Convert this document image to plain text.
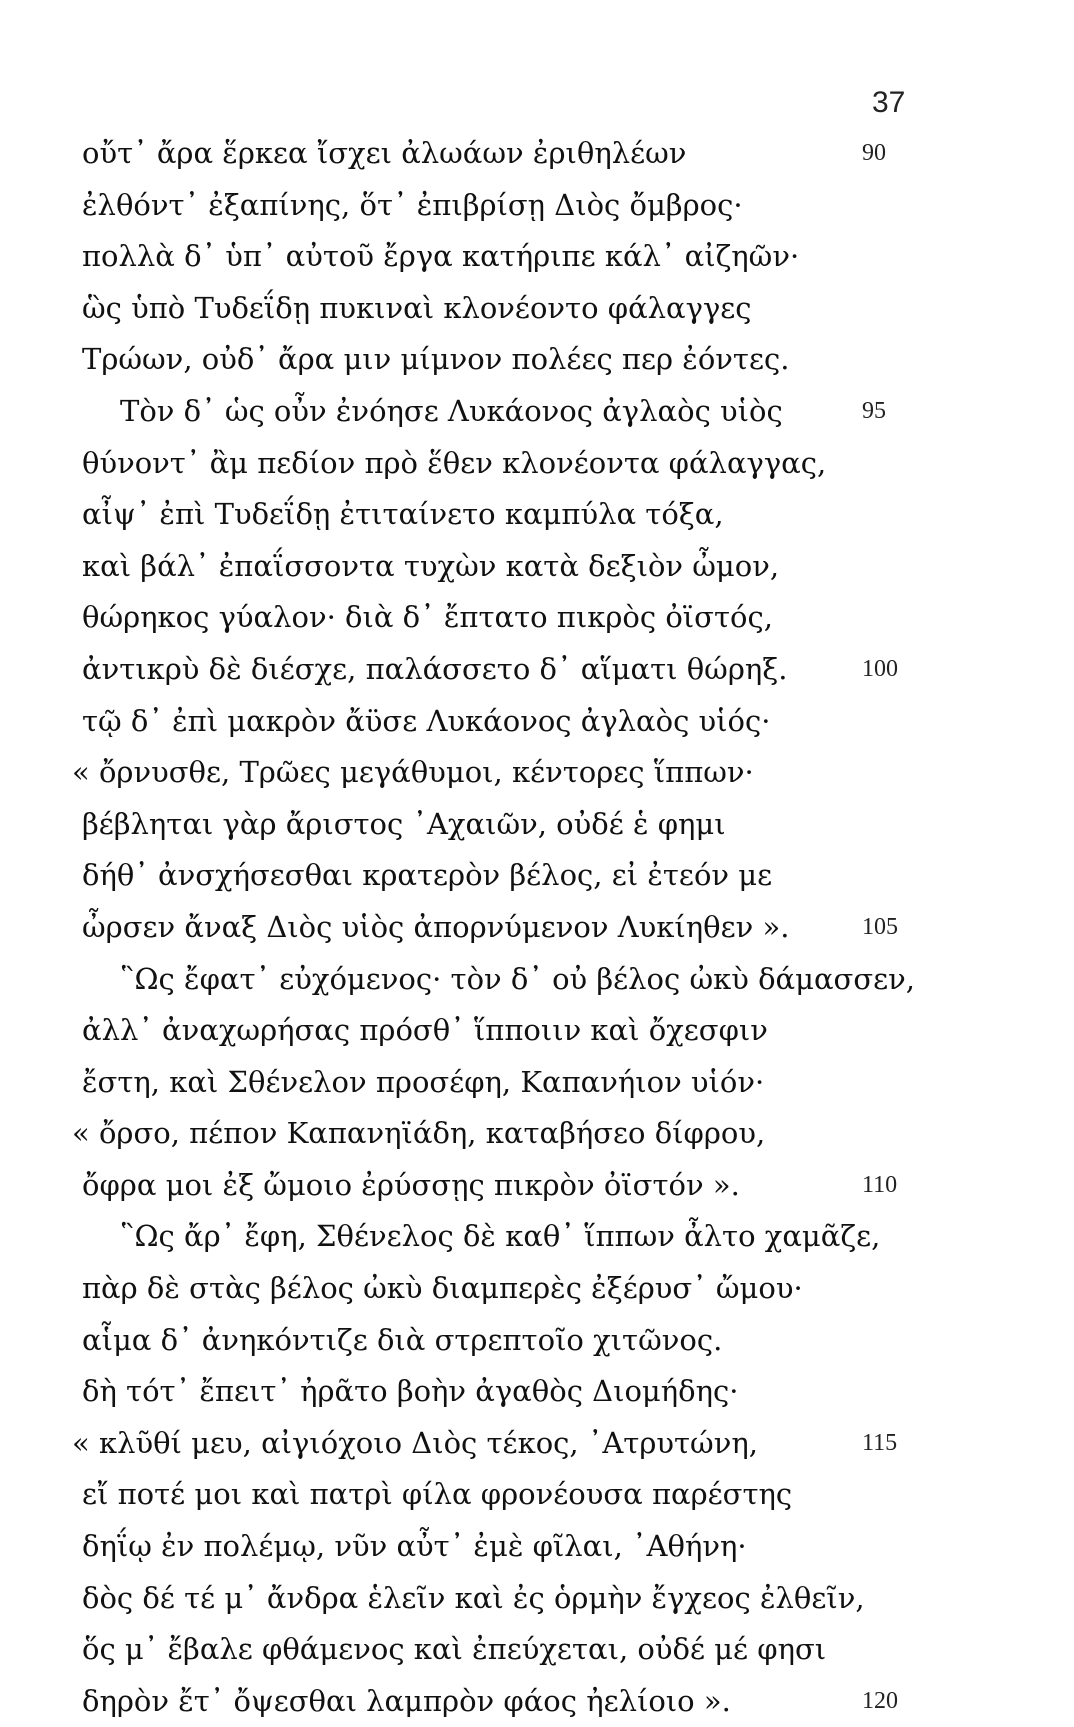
37
οὔτ᾽ ἄρα ἕρκεα ἴσχει ἀλωάων ἐριθηλέων	90
ἐλθόντ᾽ ἐξαπίνης, ὅτ᾽ ἐπιβρίσῃ Διὸς ὄμβρος·
πολλὰ δ᾽ ὑπ᾽ αὐτοῦ ἔργα κατήριπε κάλ᾽ αἰζηῶν·
ὣς ὑπὸ Τυδεΐδῃ πυκιναὶ κλονέοντο φάλαγγες
Τρώων, οὐδ᾽ ἄρα μιν μίμνον πολέες περ ἐόντες.
Τὸν δ᾽ ὡς οὖν ἐνόησε Λυκάονος ἀγλαὸς υἱὸς	95
θύνοντ᾽ ἂμ πεδίον πρὸ ἕθεν κλονέοντα φάλαγγας,
αἶψ᾽ ἐπὶ Τυδεΐδῃ ἐτιταίνετο καμπύλα τόξα,
καὶ βάλ᾽ ἐπαΐσσοντα τυχὼν κατὰ δεξιὸν ὦμον,
θώρηκος γύαλον· διὰ δ᾽ ἔπτατο πικρὸς ὀϊστός,
ἀντικρὺ δὲ διέσχε, παλάσσετο δ᾽ αἵματι θώρηξ.	100
τῷ δ᾽ ἐπὶ μακρὸν ἄϋσε Λυκάονος ἀγλαὸς υἱός·
« ὄρνυσθε, Τρῶες μεγάθυμοι, κέντορες ἵππων·
βέβληται γὰρ ἄριστος ᾿Αχαιῶν, οὐδέ ἑ φημι
δήθ᾽ ἀνσχήσεσθαι κρατερὸν βέλος, εἰ ἐτεόν με
ὦρσεν ἄναξ Διὸς υἱὸς ἀπορνύμενον Λυκίηθεν ».	105
῝Ως ἔφατ᾽ εὐχόμενος· τὸν δ᾽ οὐ βέλος ὠκὺ δάμασσεν,
ἀλλ᾽ ἀναχωρήσας πρόσθ᾽ ἵπποιιν καὶ ὄχεσφιν
ἔστη, καὶ Σθένελον προσέφη, Καπανήιον υἱόν·
« ὄρσο, πέπον Καπανηϊάδη, καταβήσεο δίφρου,
ὄφρα μοι ἐξ ὤμοιο ἐρύσσῃς πικρὸν ὀϊστόν ».	110
῝Ως ἄρ᾽ ἔφη, Σθένελος δὲ καθ᾽ ἵππων ἆλτο χαμᾶζε,
πὰρ δὲ στὰς βέλος ὠκὺ διαμπερὲς ἐξέρυσ᾽ ὤμου·
αἷμα δ᾽ ἀνηκόντιζε διὰ στρεπτοῖο χιτῶνος.
δὴ τότ᾽ ἔπειτ᾽ ἠρᾶτο βοὴν ἀγαθὸς Διομήδης·
« κλῦθί μευ, αἰγιόχοιο Διὸς τέκος, ᾿Ατρυτώνη,	115
εἴ ποτέ μοι καὶ πατρὶ φίλα φρονέουσα παρέστης
δηΐῳ ἐν πολέμῳ, νῦν αὖτ᾽ ἐμὲ φῖλαι, ᾿Αθήνη·
δὸς δέ τέ μ᾽ ἄνδρα ἑλεῖν καὶ ἐς ὁρμὴν ἔγχεος ἐλθεῖν,
ὅς μ᾽ ἔβαλε φθάμενος καὶ ἐπεύχεται, οὐδέ μέ φησι
δηρὸν ἔτ᾽ ὄψεσθαι λαμπρὸν φάος ἠελίοιο ».	120
